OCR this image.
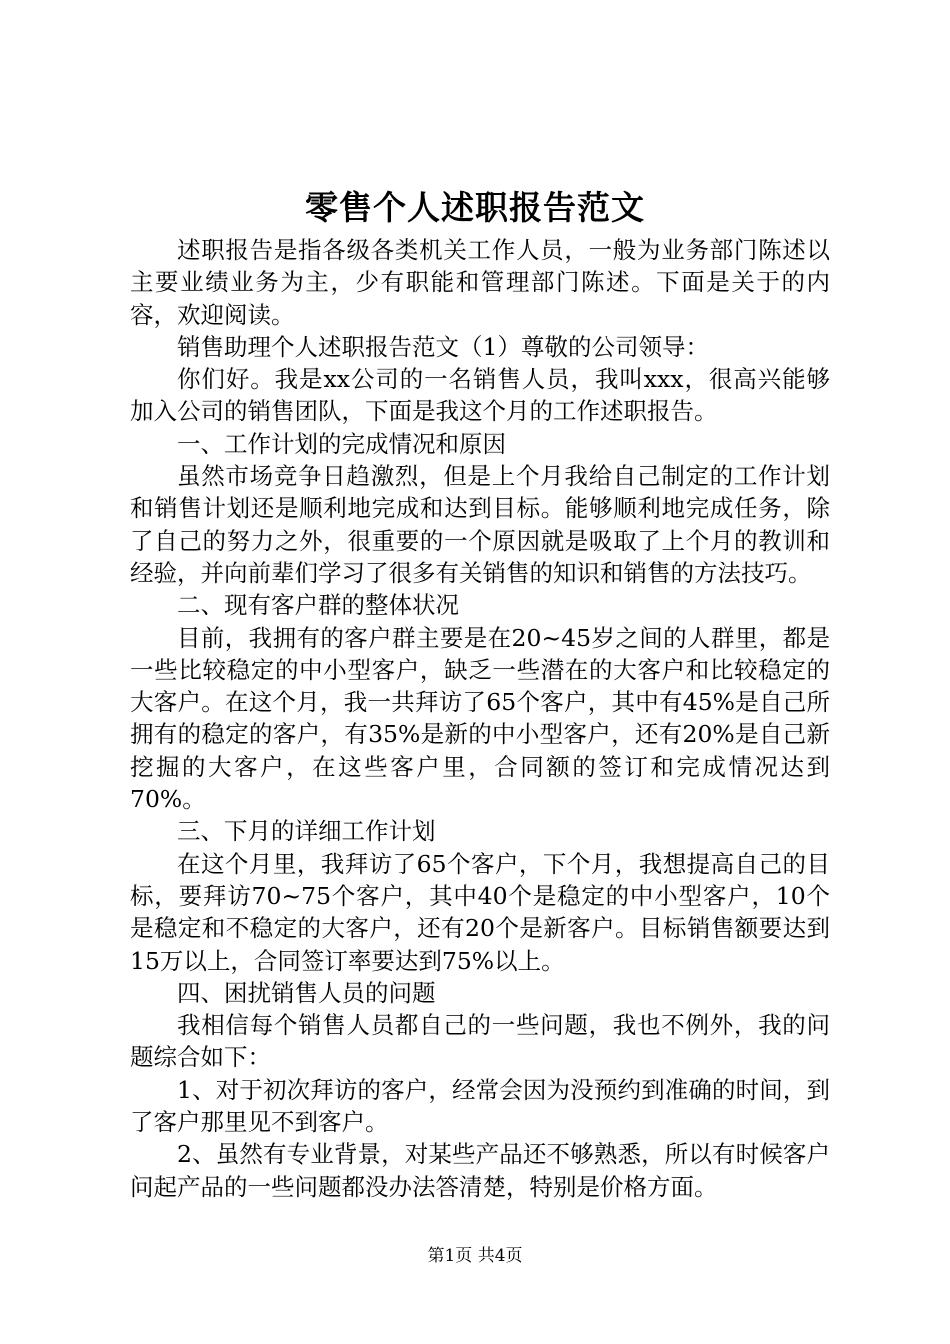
零售个人述职报告范文

述职报告是指各级各类机关工作人员，一般为业务部门陈述以主要业绩业务为主，少有职能和管理部门陈述。下面是关于的内容，欢迎阅读。

销售助理个人述职报告范文（1）尊敬的公司领导：

你们好。我是xx公司的一名销售人员，我叫xxx，很高兴能够加入公司的销售团队，下面是我这个月的工作述职报告。

一、工作计划的完成情况和原因

虽然市场竞争日趋激烈，但是上个月我给自己制定的工作计划和销售计划还是顺利地完成和达到目标。能够顺利地完成任务，除了自己的努力之外，很重要的一个原因就是吸取了上个月的教训和经验，并向前辈们学习了很多有关销售的知识和销售的方法技巧。

二、现有客户群的整体状况

目前，我拥有的客户群主要是在20~45岁之间的人群里，都是一些比较稳定的中小型客户，缺乏一些潜在的大客户和比较稳定的大客户。在这个月，我一共拜访了65个客户，其中有45%是自己所拥有的稳定的客户，有35%是新的中小型客户，还有20%是自己新挖掘的大客户，在这些客户里，合同额的签订和完成情况达到70%。

三、下月的详细工作计划

在这个月里，我拜访了65个客户，下个月，我想提高自己的目标，要拜访70~75个客户，其中40个是稳定的中小型客户，10个是稳定和不稳定的大客户，还有20个是新客户。目标销售额要达到15万以上，合同签订率要达到75%以上。

四、困扰销售人员的问题

我相信每个销售人员都自己的一些问题，我也不例外，我的问题综合如下：

1、对于初次拜访的客户，经常会因为没预约到准确的时间，到了客户那里见不到客户。

2、虽然有专业背景，对某些产品还不够熟悉，所以有时候客户问起产品的一些问题都没办法答清楚，特别是价格方面。

第1页 共4页
